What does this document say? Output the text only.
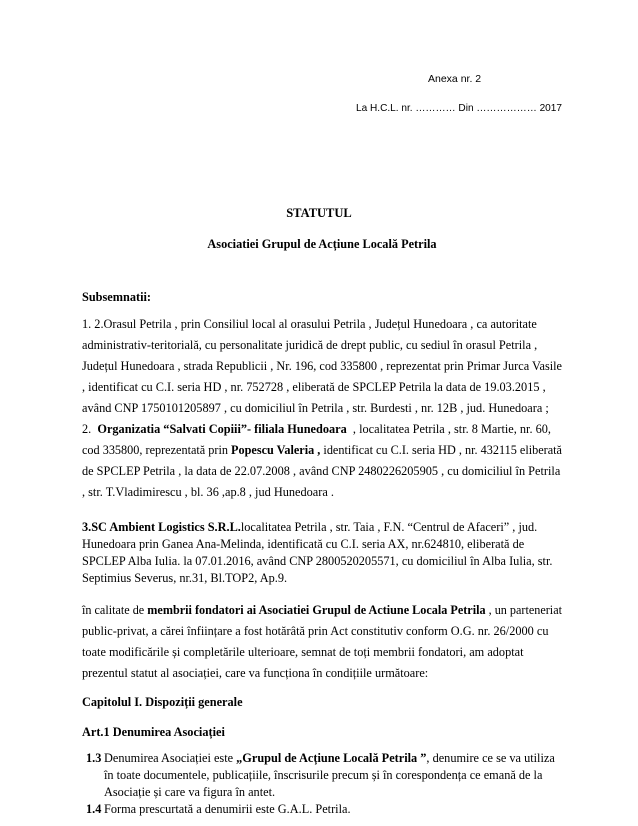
Anexa nr. 2
La H.C.L. nr. ………… Din ……………… 2017
STATUTUL
Asociatiei Grupul de Acțiune Locală Petrila
Subsemnatii:
1. 2.Orasul Petrila , prin Consiliul local al orasului Petrila , Județul Hunedoara , ca autoritate
administrativ-teritorială, cu personalitate juridică de drept public, cu sediul în orasul Petrila ,
Județul Hunedoara , strada Republicii , Nr. 196, cod 335800 , reprezentat prin Primar Jurca Vasile
, identificat cu C.I. seria HD , nr. 752728 , eliberată de SPCLEP Petrila la data de 19.03.2015 ,
având CNP 1750101205897 , cu domiciliul în Petrila , str. Burdesti , nr. 12B , jud. Hunedoara ;
2. Organizatia “Salvati Copiii”- filiala Hunedoara , localitatea Petrila , str. 8 Martie, nr. 60,
cod 335800, reprezentată prin Popescu Valeria , identificat cu C.I. seria HD , nr. 432115 eliberată
de SPCLEP Petrila , la data de 22.07.2008 , având CNP 2480226205905 , cu domiciliul în Petrila
, str. T.Vladimirescu , bl. 36 ,ap.8 , jud Hunedoara .
3.SC Ambient Logistics S.R.L.localitatea Petrila , str. Taia , F.N. “Centrul de Afaceri” , jud.
Hunedoara prin Ganea Ana-Melinda, identificată cu C.I. seria AX, nr.624810, eliberată de
SPCLEP Alba Iulia. la 07.01.2016, având CNP 2800520205571, cu domiciliul în Alba Iulia, str.
Septimius Severus, nr.31, Bl.TOP2, Ap.9.
în calitate de membrii fondatori ai Asociatiei Grupul de Actiune Locala Petrila , un parteneriat
public-privat, a cărei înființare a fost hotărâtă prin Act constitutiv conform O.G. nr. 26/2000 cu
toate modificările și completările ulterioare, semnat de toți membrii fondatori, am adoptat
prezentul statut al asociației, care va funcționa în condițiile următoare:
Capitolul I. Dispoziții generale
Art.1 Denumirea Asociației
1.3 Denumirea Asociației este „Grupul de Acțiune Locală Petrila ”, denumire ce se va utiliza
în toate documentele, publicațiile, înscrisurile precum și în corespondența ce emană de la
Asociație și care va figura în antet.
1.4 Forma prescurtată a denumirii este G.A.L. Petrila.
